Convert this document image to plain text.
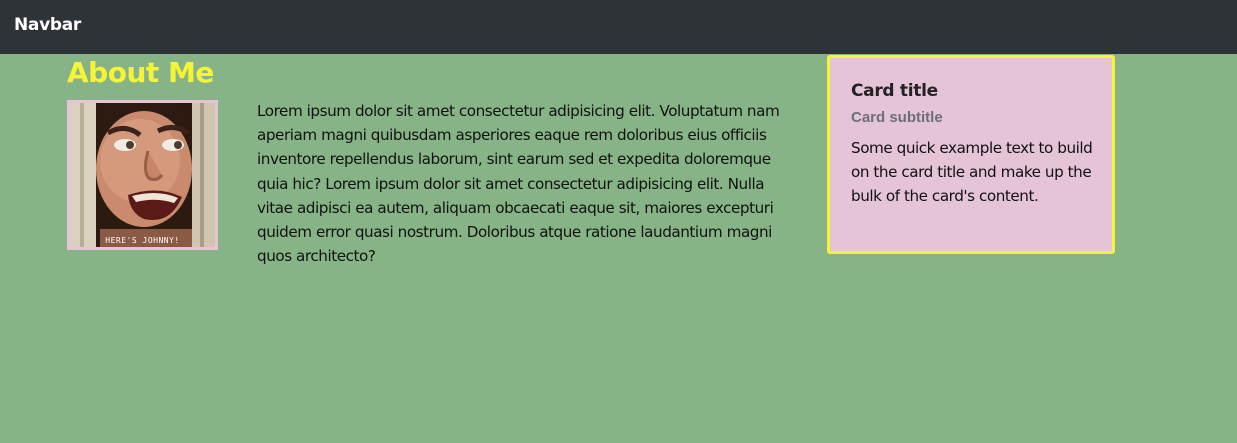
Navbar
About Me
HERE'S JOHNNY!

Lorem ipsum dolor sit amet consectetur adipisicing elit. Voluptatum nam aperiam magni quibusdam asperiores eaque rem doloribus eius officiis inventore repellendus laborum, sint earum sed et expedita doloremque quia hic? Lorem ipsum dolor sit amet consectetur adipisicing elit. Nulla vitae adipisci ea autem, aliquam obcaecati eaque sit, maiores excepturi quidem error quasi nostrum. Doloribus atque ratione laudantium magni quos architecto?

Card title
Card subtitle

Some quick example text to build on the card title and make up the bulk of the card's content.
